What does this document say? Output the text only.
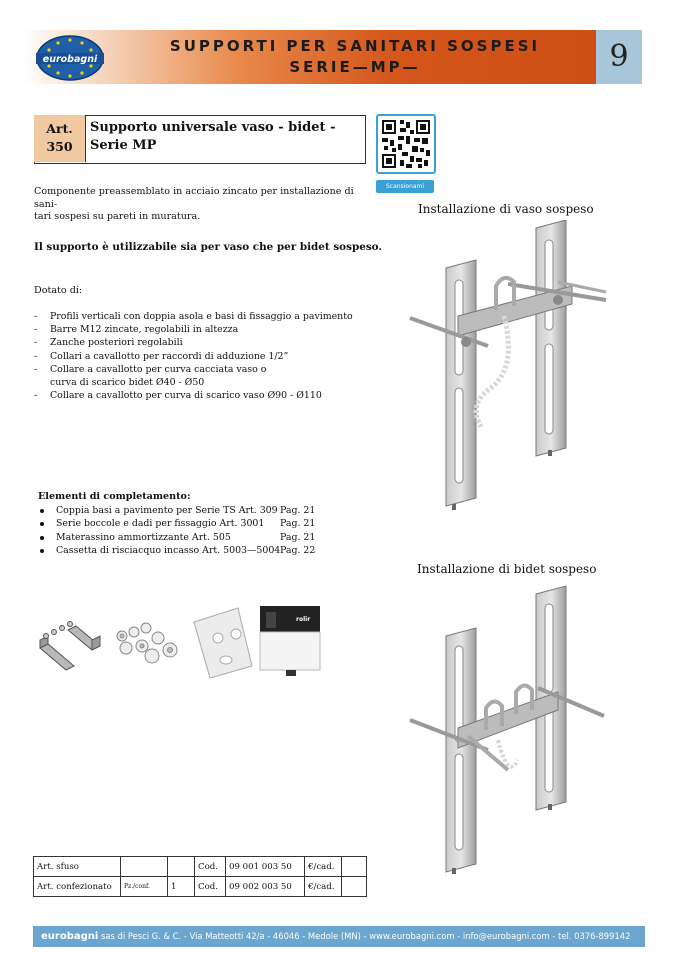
eurobagni
SUPPORTI PER SANITARI SOSPESI
SERIE—MP—	9
Art.
350
Supporto universale vaso - bidet -
Serie MP
Scansionami
Componente preassemblato in acciaio zincato per installazione di sani-
tari sospesi su pareti in muratura.
Il supporto è utilizzabile sia per vaso che per bidet sospeso.
Dotato di:
- Profili verticali con doppia asola e basi di fissaggio a pavimento
- Barre M12 zincate, regolabili in altezza
- Zanche posteriori regolabili
- Collari a cavallotto per raccordi di adduzione 1/2”
- Collare a cavallotto per curva cacciata vaso o
curva di scarico bidet Ø40 - Ø50
- Collare a cavallotto per curva di scarico vaso Ø90 - Ø110
Elementi di completamento:
Coppia basi a pavimento per Serie TS Art. 309 Pag. 21
Serie boccole e dadi per fissaggio Art. 3001 Pag. 21
Materassino ammortizzante Art. 505	Pag. 21
Cassetta di risciacquo incasso Art. 5003—5004 Pag. 22
rolir
Installazione di vaso sospeso
Installazione di bidet sospeso
Art. sfuso			Cod.	09 001 003 50	€/cad.	
Art. confezionato	Pz./conf.	1	Cod.	09 002 003 50	€/cad.	
eurobagni sas di Pesci G. & C. - Via Matteotti 42/a - 46046 - Medole (MN) - www.eurobagni.com - info@eurobagni.com - tel. 0376-899142
